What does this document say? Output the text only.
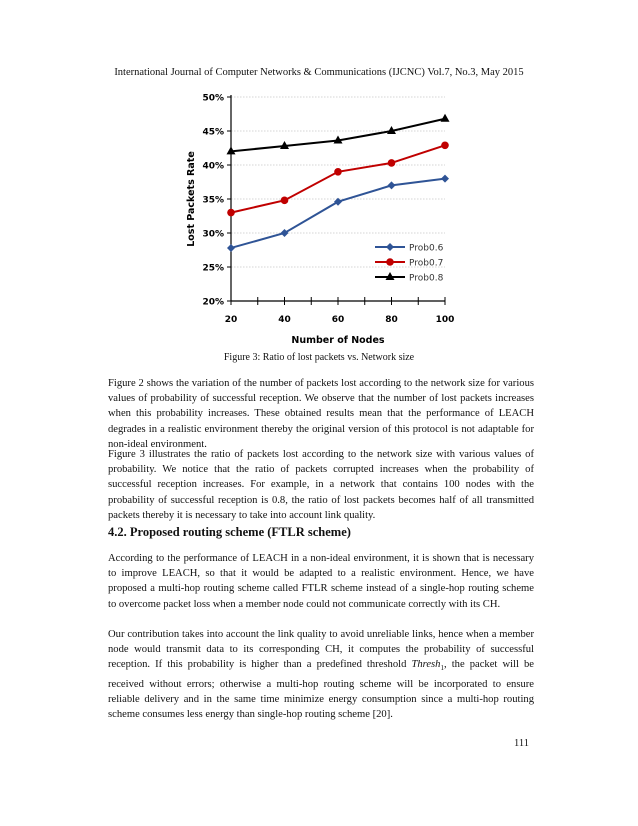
International Journal of Computer Networks & Communications (IJCNC) Vol.7, No.3, May 2015
20%
25%
30%
35%
40%
45%
50%
20	40	60	80	100
Number of Nodes
Lost Packets Rate
Prob0.6
Prob0.7
Prob0.8
Figure 3: Ratio of lost packets vs. Network size

Figure 2 shows the variation of the number of packets lost according to the network size for various values of probability of successful reception. We observe that the number of lost packets increases when this probability increases. These obtained results mean that the performance of LEACH degrades in a realistic environment thereby the original version of this protocol is not adaptable for non-ideal environment.

Figure 3 illustrates the ratio of packets lost according to the network size with various values of probability. We notice that the ratio of packets corrupted increases when the probability of successful reception increases. For example, in a network that contains 100 nodes with the probability of successful reception is 0.8, the ratio of lost packets becomes half of all transmitted packets thereby it is necessary to take into account link quality.

4.2. Proposed routing scheme (FTLR scheme)

According to the performance of LEACH in a non-ideal environment, it is shown that is necessary to improve LEACH, so that it would be adapted to a realistic environment. Hence, we have proposed a multi-hop routing scheme called FTLR scheme instead of a single-hop routing scheme to overcome packet loss when a member node could not communicate correctly with its CH.

Our contribution takes into account the link quality to avoid unreliable links, hence when a member node would transmit data to its corresponding CH, it computes the probability of successful reception. If this probability is higher than a predefined threshold Thresh$_1$, the packet will be received without errors; otherwise a multi-hop routing scheme will be incorporated to ensure reliable delivery and in the same time minimize energy consumption since a multi-hop routing scheme consumes less energy than single-hop routing scheme [20].

111
